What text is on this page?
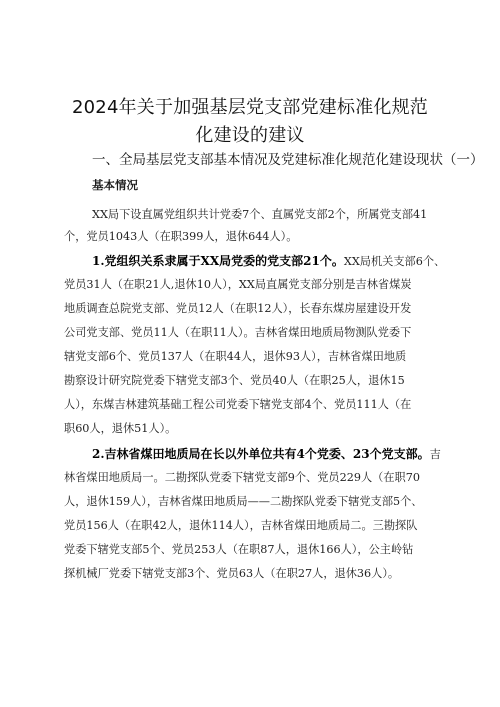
2024年关于加强基层党支部党建标准化规范
化建设的建议
一、全局基层党支部基本情况及党建标准化规范化建设现状（一）
基本情况
XX局下设直属党组织共计党委7个、直属党支部2个，所属党支部41
个，党员1043人（在职399人，退休644人）。
1.党组织关系隶属于XX局党委的党支部21个。XX局机关支部6个、
党员31人（在职21人,退休10人），XX局直属党支部分别是吉林省煤炭
地质调查总院党支部、党员12人（在职12人），长春东煤房屋建设开发
公司党支部、党员11人（在职11人）。吉林省煤田地质局物测队党委下
辖党支部6个、党员137人（在职44人，退休93人），吉林省煤田地质
勘察设计研究院党委下辖党支部3个、党员40人（在职25人，退休15
人），东煤吉林建筑基础工程公司党委下辖党支部4个、党员111人（在
职60人，退休51人）。
2.吉林省煤田地质局在长以外单位共有4个党委、23个党支部。吉
林省煤田地质局一。二勘探队党委下辖党支部9个、党员229人（在职70
人，退休159人），吉林省煤田地质局——二勘探队党委下辖党支部5个、
党员156人（在职42人，退休114人），吉林省煤田地质局二。三勘探队
党委下辖党支部5个、党员253人（在职87人，退休166人），公主岭钻
探机械厂党委下辖党支部3个、党员63人（在职27人，退休36人）。
